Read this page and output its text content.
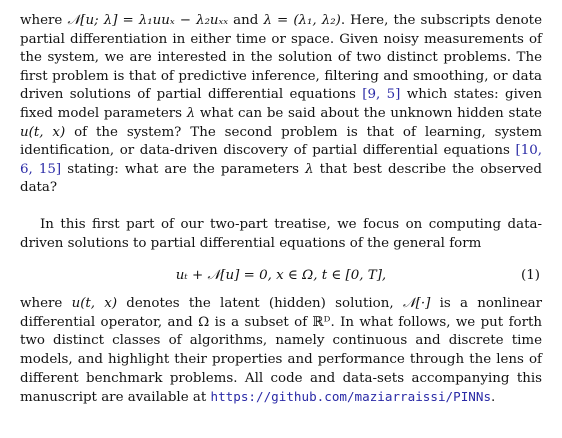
where 𝒩[u; λ] = λ₁uuₓ − λ₂uₓₓ and λ = (λ₁, λ₂). Here, the subscripts denote partial differentiation in either time or space. Given noisy measurements of the system, we are interested in the solution of two distinct problems. The first problem is that of predictive inference, filtering and smoothing, or data driven solutions of partial differential equations [9, 5] which states: given fixed model parameters λ what can be said about the unknown hidden state u(t, x) of the system? The second problem is that of learning, system identification, or data-driven discovery of partial differential equations [10, 6, 15] stating: what are the parameters λ that best describe the observed data?

In this first part of our two-part treatise, we focus on computing data-driven solutions to partial differential equations of the general form

uₜ + 𝒩[u] = 0, x ∈ Ω, t ∈ [0, T],	(1)

where u(t, x) denotes the latent (hidden) solution, 𝒩[·] is a nonlinear differential operator, and Ω is a subset of ℝᴰ. In what follows, we put forth two distinct classes of algorithms, namely continuous and discrete time models, and highlight their properties and performance through the lens of different benchmark problems. All code and data-sets accompanying this manuscript are available at https://github.com/maziarraissi/PINNs.
